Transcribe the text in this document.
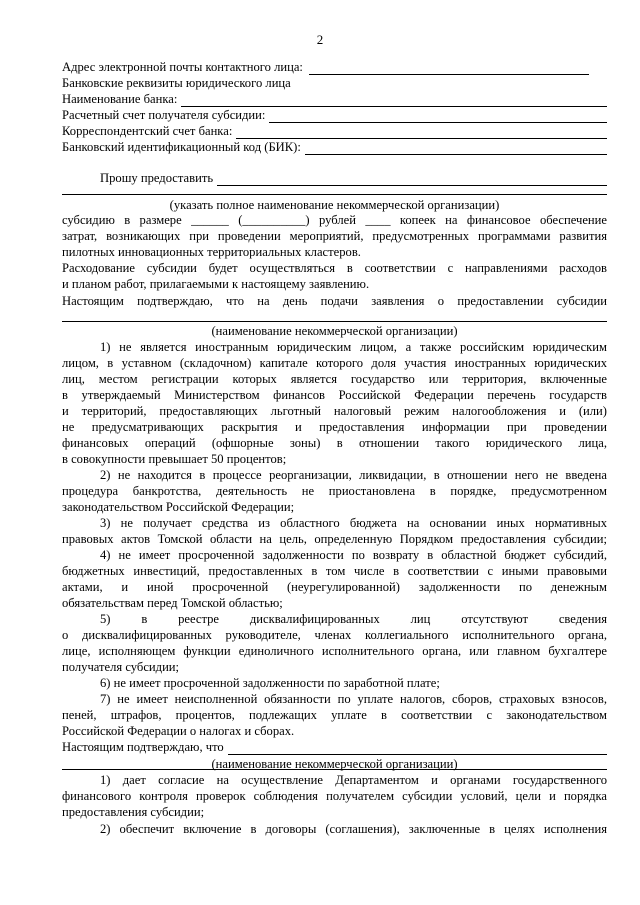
2
Адрес электронной почты контактного лица:
Банковские реквизиты юридического лица
Наименование банка:
Расчетный счет получателя субсидии:
Корреспондентский счет банка:
Банковский идентификационный код (БИК):
Прошу предоставить
(указать полное наименование некоммерческой организации)
субсидию в размере ______ (__________) рублей ____ копеек на финансовое обеспечение
затрат, возникающих при проведении мероприятий, предусмотренных программами развития
пилотных инновационных территориальных кластеров.
Расходование субсидии будет осуществляться в соответствии с направлениями расходов
и планом работ, прилагаемыми к настоящему заявлению.
Настоящим подтверждаю, что на день подачи заявления о предоставлении субсидии
(наименование некоммерческой организации)
1) не является иностранным юридическим лицом, а также российским юридическим
лицом, в уставном (складочном) капитале которого доля участия иностранных юридических
лиц, местом регистрации которых является государство или территория, включенные
в утверждаемый Министерством финансов Российской Федерации перечень государств
и территорий, предоставляющих льготный налоговый режим налогообложения и (или)
не предусматривающих раскрытия и предоставления информации при проведении
финансовых операций (офшорные зоны) в отношении такого юридического лица,
в совокупности превышает 50 процентов;
2) не находится в процессе реорганизации, ликвидации, в отношении него не введена
процедура банкротства, деятельность не приостановлена в порядке, предусмотренном
законодательством Российской Федерации;
3) не получает средства из областного бюджета на основании иных нормативных
правовых актов Томской области на цель, определенную Порядком предоставления субсидии;
4) не имеет просроченной задолженности по возврату в областной бюджет субсидий,
бюджетных инвестиций, предоставленных в том числе в соответствии с иными правовыми
актами, и иной просроченной (неурегулированной) задолженности по денежным
обязательствам перед Томской областью;
5) в реестре дисквалифицированных лиц отсутствуют сведения
о дисквалифицированных руководителе, членах коллегиального исполнительного органа,
лице, исполняющем функции единоличного исполнительного органа, или главном бухгалтере
получателя субсидии;
6) не имеет просроченной задолженности по заработной плате;
7) не имеет неисполненной обязанности по уплате налогов, сборов, страховых взносов,
пеней, штрафов, процентов, подлежащих уплате в соответствии с законодательством
Российской Федерации о налогах и сборах.
Настоящим подтверждаю, что
(наименование некоммерческой организации)
1) дает согласие на осуществление Департаментом и органами государственного
финансового контроля проверок соблюдения получателем субсидии условий, цели и порядка
предоставления субсидии;
2) обеспечит включение в договоры (соглашения), заключенные в целях исполнения
